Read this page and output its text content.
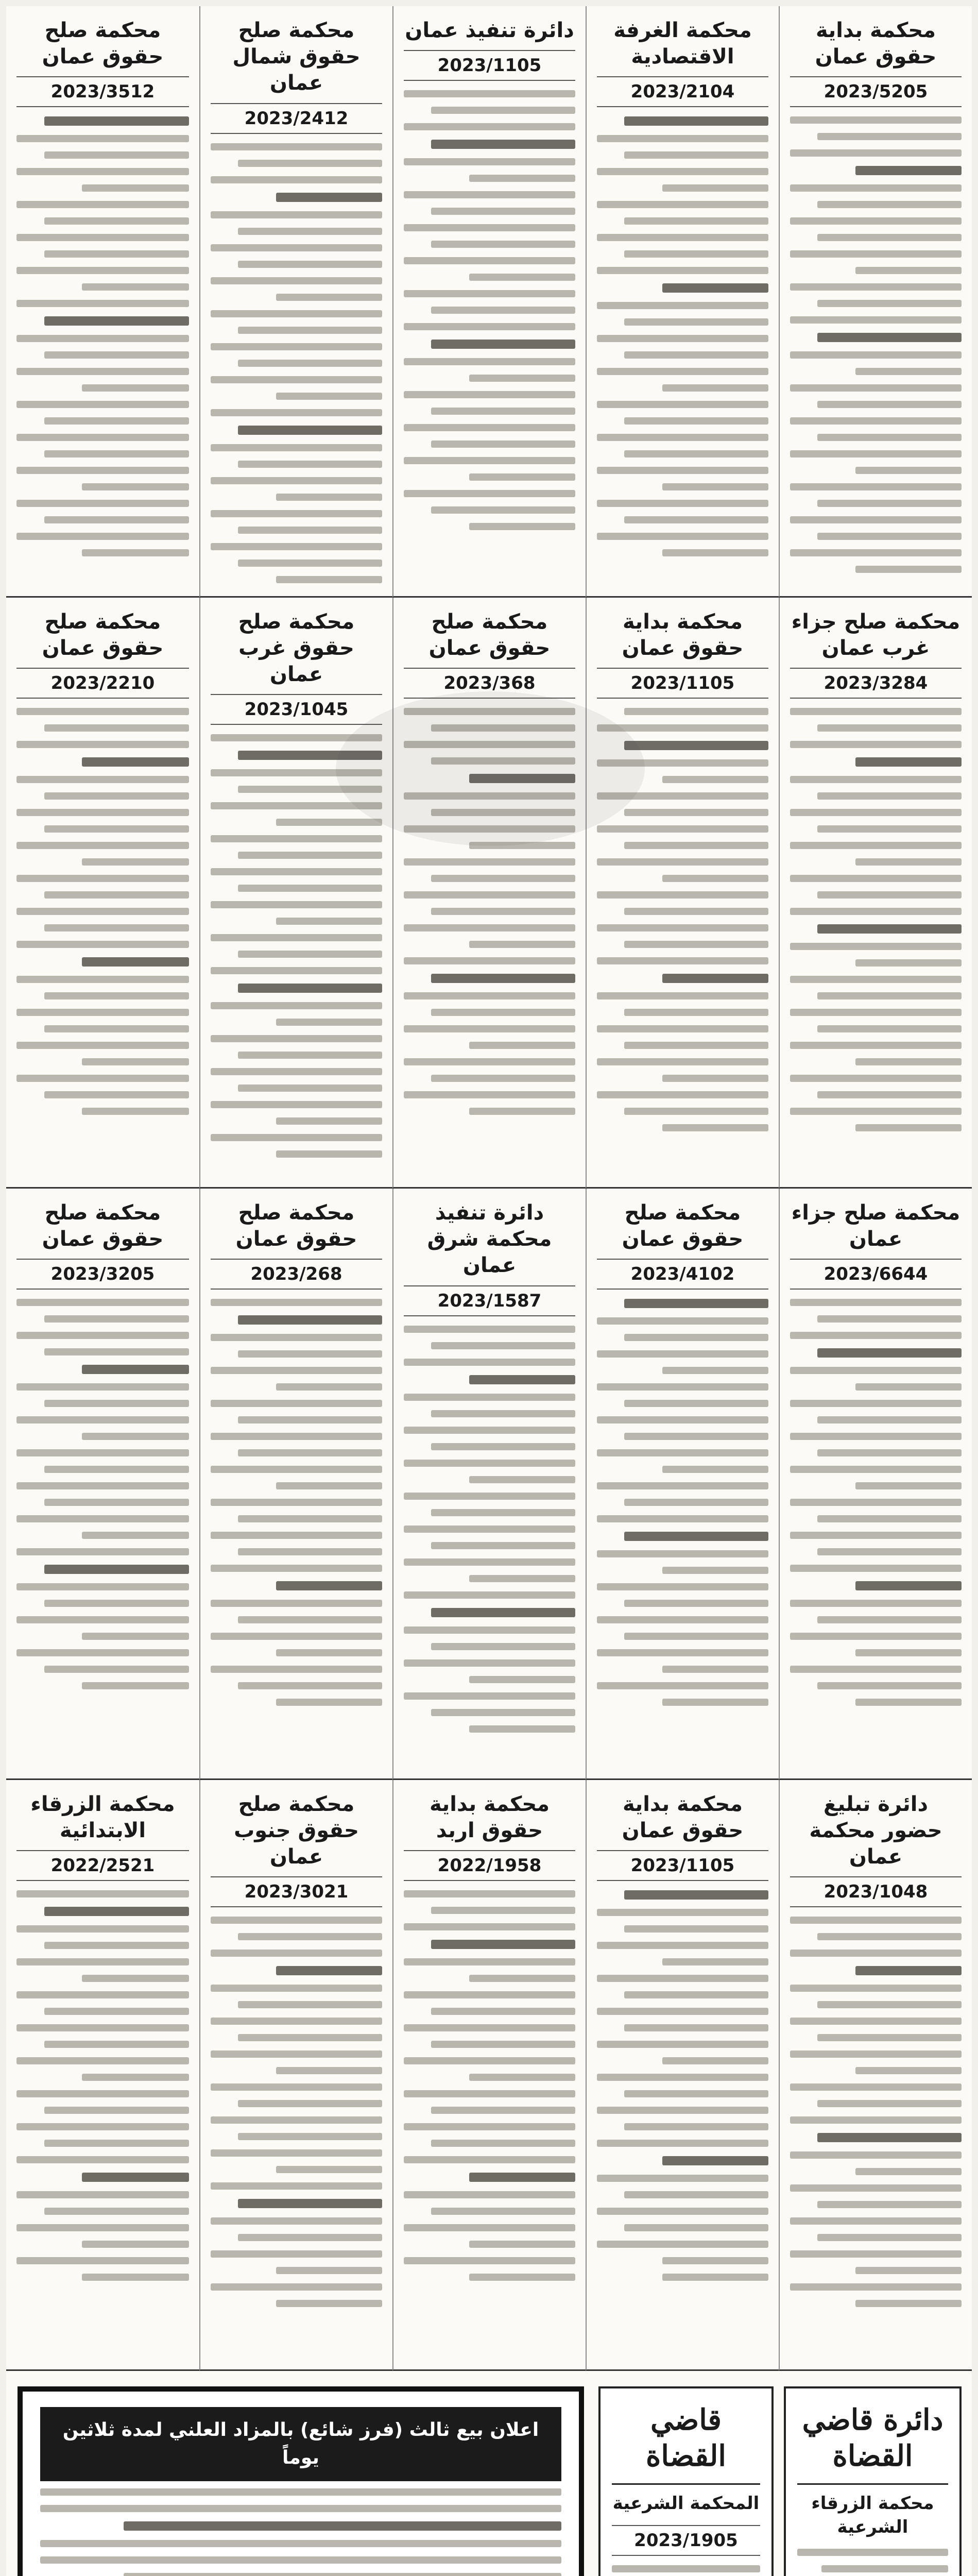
محكمة بداية حقوق عمان
2023/5205
محكمة الغرفة الاقتصادية
2023/2104
دائرة تنفيذ عمان
2023/1105
محكمة صلح حقوق شمال عمان
2023/2412
محكمة صلح حقوق عمان
2023/3512
محكمة صلح جزاء غرب عمان
2023/3284
محكمة بداية حقوق عمان
2023/1105
محكمة صلح حقوق عمان
2023/368
محكمة صلح حقوق غرب عمان
2023/1045
محكمة صلح حقوق عمان
2023/2210
محكمة صلح جزاء عمان
2023/6644
محكمة صلح حقوق عمان
2023/4102
دائرة تنفيذ محكمة شرق عمان
2023/1587
محكمة صلح حقوق عمان
2023/268
محكمة صلح حقوق عمان
2023/3205
دائرة تبليغ حضور محكمة عمان
2023/1048
محكمة بداية حقوق عمان
2023/1105
محكمة بداية حقوق اربد
2022/1958
محكمة صلح حقوق جنوب عمان
2023/3021
محكمة الزرقاء الابتدائية
2022/2521
دائرة قاضي القضاة
محكمة الزرقاء الشرعية
قاضي القضاة
المحكمة الشرعية
2023/1905
اعلان بيع ثالث (فرز شائع) بالمزاد العلني لمدة ثلاثين يوماً
